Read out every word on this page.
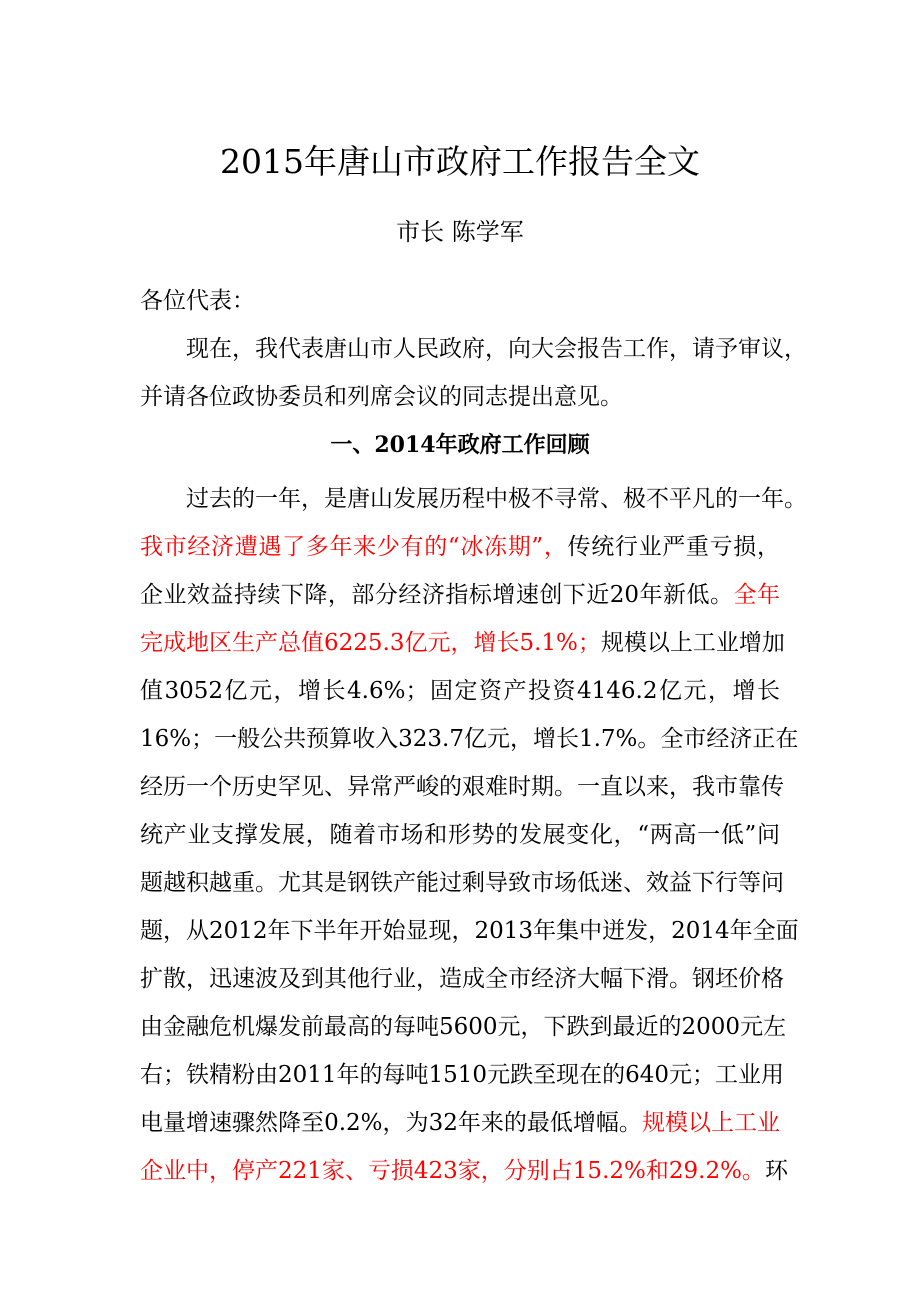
2015年唐山市政府工作报告全文
市长 陈学军
各位代表：
现在，我代表唐山市人民政府，向大会报告工作，请予审议，
并请各位政协委员和列席会议的同志提出意见。
一、2014年政府工作回顾
过去的一年，是唐山发展历程中极不寻常、极不平凡的一年。
我市经济遭遇了多年来少有的“冰冻期”，传统行业严重亏损，
企业效益持续下降，部分经济指标增速创下近20年新低。全年
完成地区生产总值6225.3亿元，增长5.1%；规模以上工业增加
值3052亿元，增长4.6%；固定资产投资4146.2亿元，增长
16%；一般公共预算收入323.7亿元，增长1.7%。全市经济正在
经历一个历史罕见、异常严峻的艰难时期。一直以来，我市靠传
统产业支撑发展，随着市场和形势的发展变化，“两高一低”问
题越积越重。尤其是钢铁产能过剩导致市场低迷、效益下行等问
题，从2012年下半年开始显现，2013年集中迸发，2014年全面
扩散，迅速波及到其他行业，造成全市经济大幅下滑。钢坯价格
由金融危机爆发前最高的每吨5600元，下跌到最近的2000元左
右；铁精粉由2011年的每吨1510元跌至现在的640元；工业用
电量增速骤然降至0.2%，为32年来的最低增幅。规模以上工业
企业中，停产221家、亏损423家，分别占15.2%和29.2%。环
